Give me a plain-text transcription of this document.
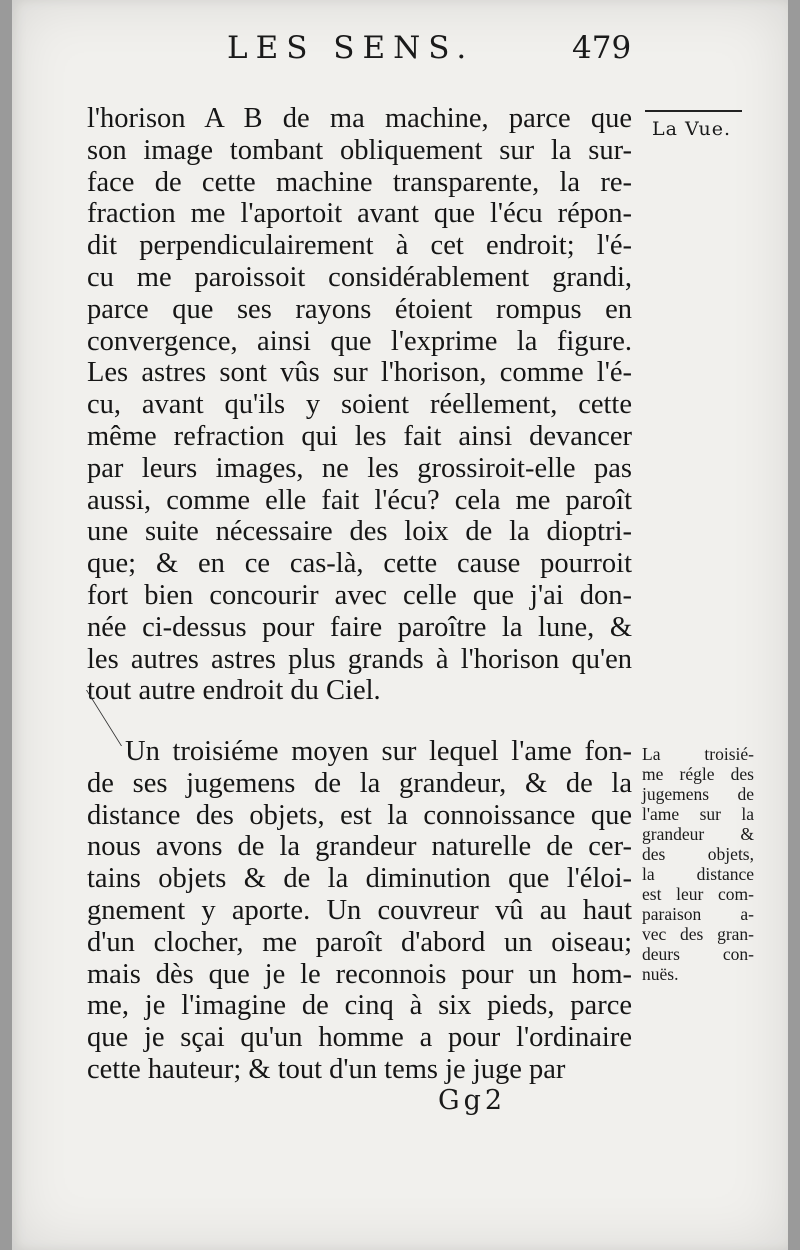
LES SENS.	479
La Vue.
l'horison A B de ma machine, parce que
son image tombant obliquement sur la sur-
face de cette machine transparente, la re-
fraction me l'aportoit avant que l'écu répon-
dit perpendiculairement à cet endroit; l'é-
cu me paroissoit considérablement grandi,
parce que ses rayons étoient rompus en
convergence, ainsi que l'exprime la figure.
Les astres sont vûs sur l'horison, comme l'é-
cu, avant qu'ils y soient réellement, cette
même refraction qui les fait ainsi devancer
par leurs images, ne les grossiroit-elle pas
aussi, comme elle fait l'écu? cela me paroît
une suite nécessaire des loix de la dioptri-
que; & en ce cas-là, cette cause pourroit
fort bien concourir avec celle que j'ai don-
née ci-dessus pour faire paroître la lune, &
les autres astres plus grands à l'horison qu'en
tout autre endroit du Ciel.
Un troisiéme moyen sur lequel l'ame fon-
de ses jugemens de la grandeur, & de la
distance des objets, est la connoissance que
nous avons de la grandeur naturelle de cer-
tains objets & de la diminution que l'éloi-
gnement y aporte. Un couvreur vû au haut
d'un clocher, me paroît d'abord un oiseau;
mais dès que je le reconnois pour un hom-
me, je l'imagine de cinq à six pieds, parce
que je sçai qu'un homme a pour l'ordinaire
cette hauteur; & tout d'un tems je juge par
La troisié-
me régle des
jugemens de
l'ame sur la
grandeur &
des objets,
la distance
est leur com-
paraison a-
vec des gran-
deurs con-
nuës.
Gg2
